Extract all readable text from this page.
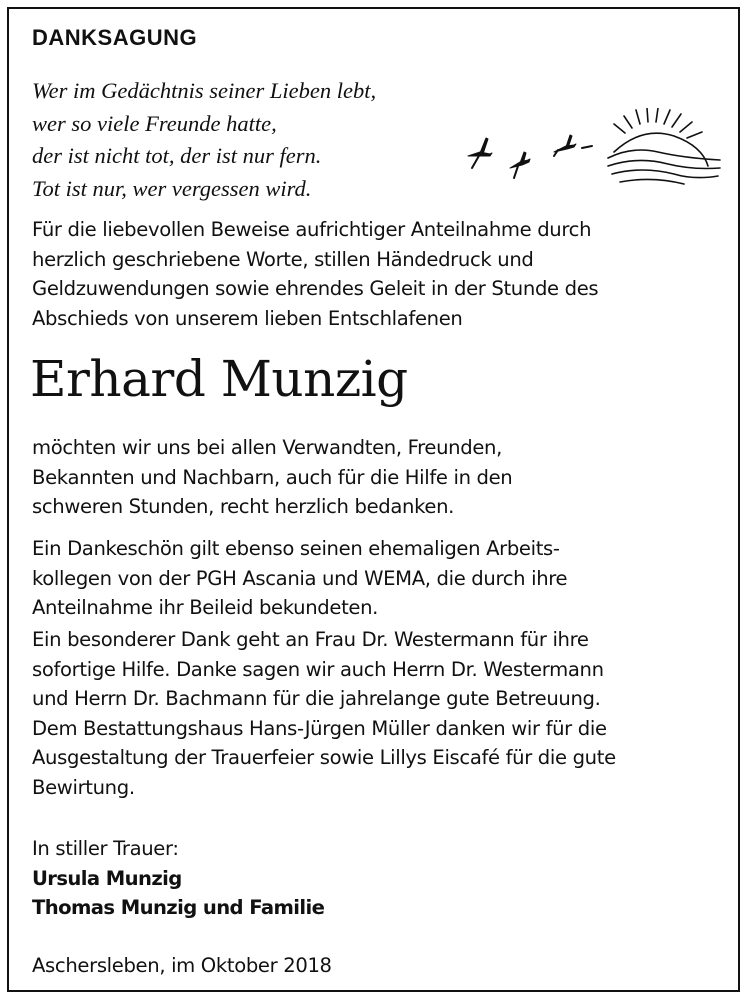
DANKSAGUNG
Wer im Gedächtnis seiner Lieben lebt,
wer so viele Freunde hatte,
der ist nicht tot, der ist nur fern.
Tot ist nur, wer vergessen wird.
Für die liebevollen Beweise aufrichtiger Anteilnahme durch
herzlich geschriebene Worte, stillen Händedruck und
Geldzuwendungen sowie ehrendes Geleit in der Stunde des
Abschieds von unserem lieben Entschlafenen
Erhard Munzig
möchten wir uns bei allen Verwandten, Freunden,
Bekannten und Nachbarn, auch für die Hilfe in den
schweren Stunden, recht herzlich bedanken.
Ein Dankeschön gilt ebenso seinen ehemaligen Arbeits-
kollegen von der PGH Ascania und WEMA, die durch ihre
Anteilnahme ihr Beileid bekundeten.
Ein besonderer Dank geht an Frau Dr. Westermann für ihre
sofortige Hilfe. Danke sagen wir auch Herrn Dr. Westermann
und Herrn Dr. Bachmann für die jahrelange gute Betreuung.
Dem Bestattungshaus Hans-Jürgen Müller danken wir für die
Ausgestaltung der Trauerfeier sowie Lillys Eiscafé für die gute
Bewirtung.
In stiller Trauer:
Ursula Munzig
Thomas Munzig und Familie
Aschersleben, im Oktober 2018
